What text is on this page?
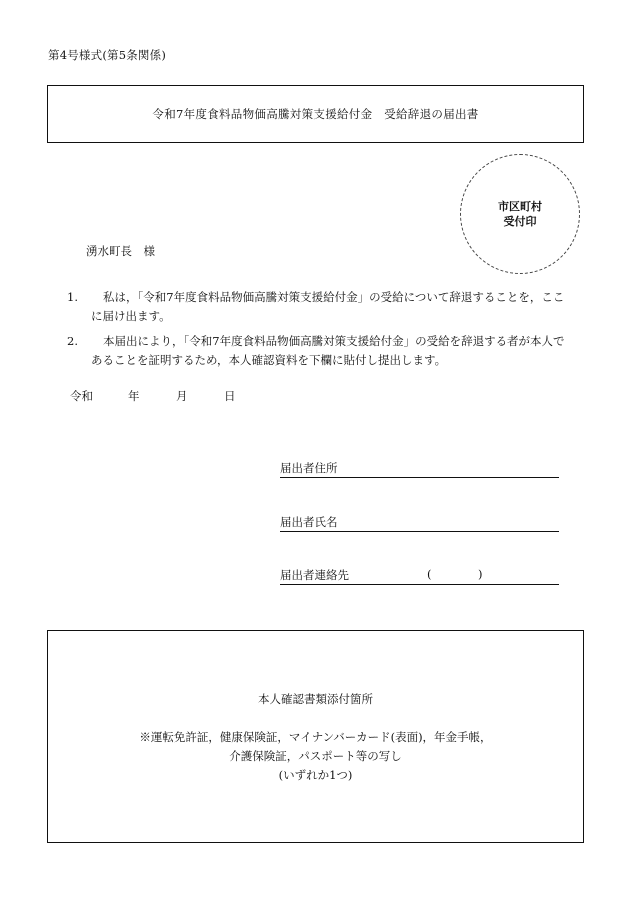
第4号様式(第5条関係)
令和7年度食料品物価高騰対策支援給付金　受給辞退の届出書
市区町村
受付印
湧水町長　様
1.	私は，「令和7年度食料品物価高騰対策支援給付金」の受給について辞退することを，ここに届け出ます。
2.	本届出により，「令和7年度食料品物価高騰対策支援給付金」の受給を辞退する者が本人であることを証明するため，本人確認資料を下欄に貼付し提出します。
令和	年	月	日
届出者住所
届出者氏名
届出者連絡先	(	)
本人確認書類添付箇所
※運転免許証，健康保険証，マイナンバーカード(表面)，年金手帳，
介護保険証，パスポート等の写し
(いずれか1つ)
